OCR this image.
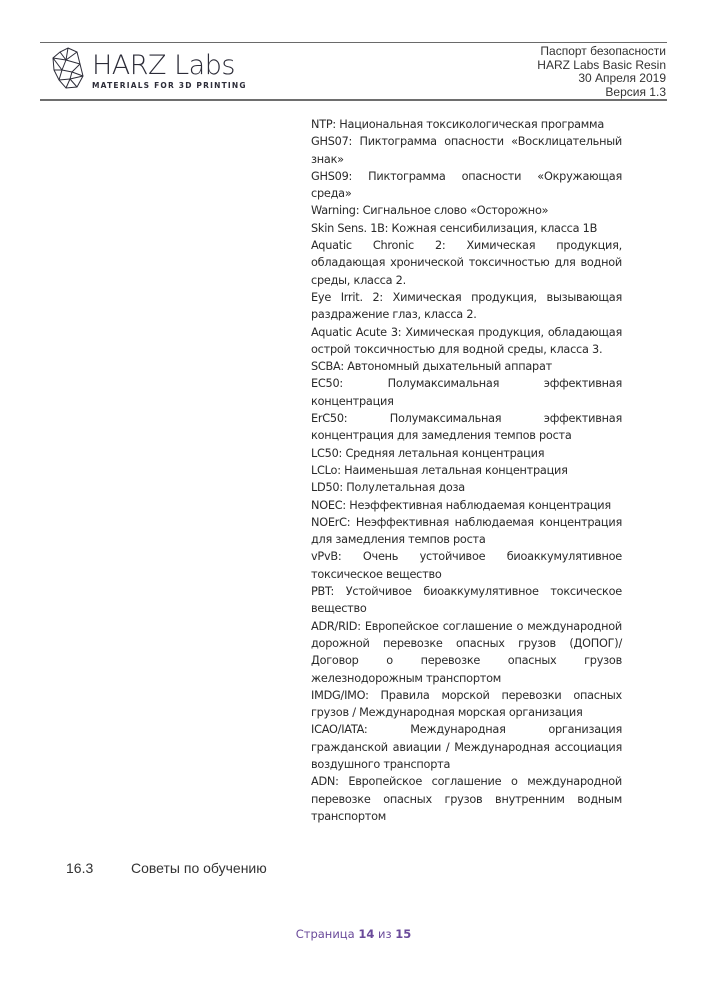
HARZ Labs
MATERIALS FOR 3D PRINTING
Паспорт безопасности
HARZ Labs Basic Resin
30 Апреля 2019
Версия 1.3

NTP: Национальная токсикологическая программа

GHS07: Пиктограмма опасности «Восклицательный знак»

GHS09: Пиктограмма опасности «Окружающая среда»

Warning: Сигнальное слово «Осторожно»

Skin Sens. 1B: Кожная сенсибилизация, класса 1B

Aquatic Chronic 2: Химическая продукция, обладающая хронической токсичностью для водной среды, класса 2.

Eye Irrit. 2: Химическая продукция, вызывающая раздражение глаз, класса 2.

Aquatic Acute 3: Химическая продукция, обладающая острой токсичностью для водной среды, класса 3.

SCBA: Автономный дыхательный аппарат

EC50: Полумаксимальная эффективная концентрация

ErC50: Полумаксимальная эффективная концентрация для замедления темпов роста

LC50: Средняя летальная концентрация

LCLo: Наименьшая летальная концентрация

LD50: Полулетальная доза

NOEC: Неэффективная наблюдаемая концентрация

NOErC: Неэффективная наблюдаемая концентрация для замедления темпов роста

vPvB: Очень устойчивое биоаккумулятивное токсическое вещество

PBT: Устойчивое биоаккумулятивное токсическое вещество

ADR/RID: Европейское соглашение о международной дорожной перевозке опасных грузов (ДОПОГ)/ Договор о перевозке опасных грузов железнодорожным транспортом

IMDG/IMO: Правила морской перевозки опасных грузов / Международная морская организация

ICAO/IATA: Международная организация гражданской авиации / Международная ассоциация воздушного транспорта

ADN: Европейское соглашение о международной перевозке опасных грузов внутренним водным транспортом

16.3	Советы по обучению
Страница 14 из 15
